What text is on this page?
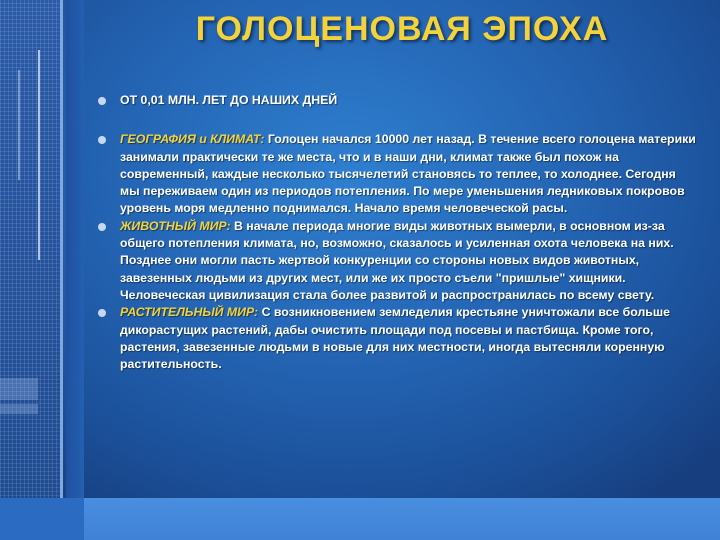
ГОЛОЦЕНОВАЯ ЭПОХА
ОТ 0,01 МЛН. ЛЕТ ДО НАШИХ ДНЕЙ
ГЕОГРАФИЯ и КЛИМАТ: Голоцен начался 10000 лет назад. В течение всего голоцена материки занимали практически те же места, что и в наши дни, климат также был похож на современный, каждые несколько тысячелетий становясь то теплее, то холоднее. Сегодня мы переживаем один из периодов потепления. По мере уменьшения ледниковых покровов уровень моря медленно поднимался. Начало время человеческой расы.
ЖИВОТНЫЙ МИР: В начале периода многие виды животных вымерли, в основном из-за общего потепления климата, но, возможно, сказалось и усиленная охота человека на них. Позднее они могли пасть жертвой конкуренции со стороны новых видов животных, завезенных людьми из других мест, или же их просто съели "пришлые" хищники. Человеческая цивилизация стала более развитой и распространилась по всему свету.
РАСТИТЕЛЬНЫЙ МИР: С возникновением земледелия крестьяне уничтожали все больше дикорастущих растений, дабы очистить площади под посевы и пастбища. Кроме того, растения, завезенные людьми в новые для них местности, иногда вытесняли коренную растительность.
